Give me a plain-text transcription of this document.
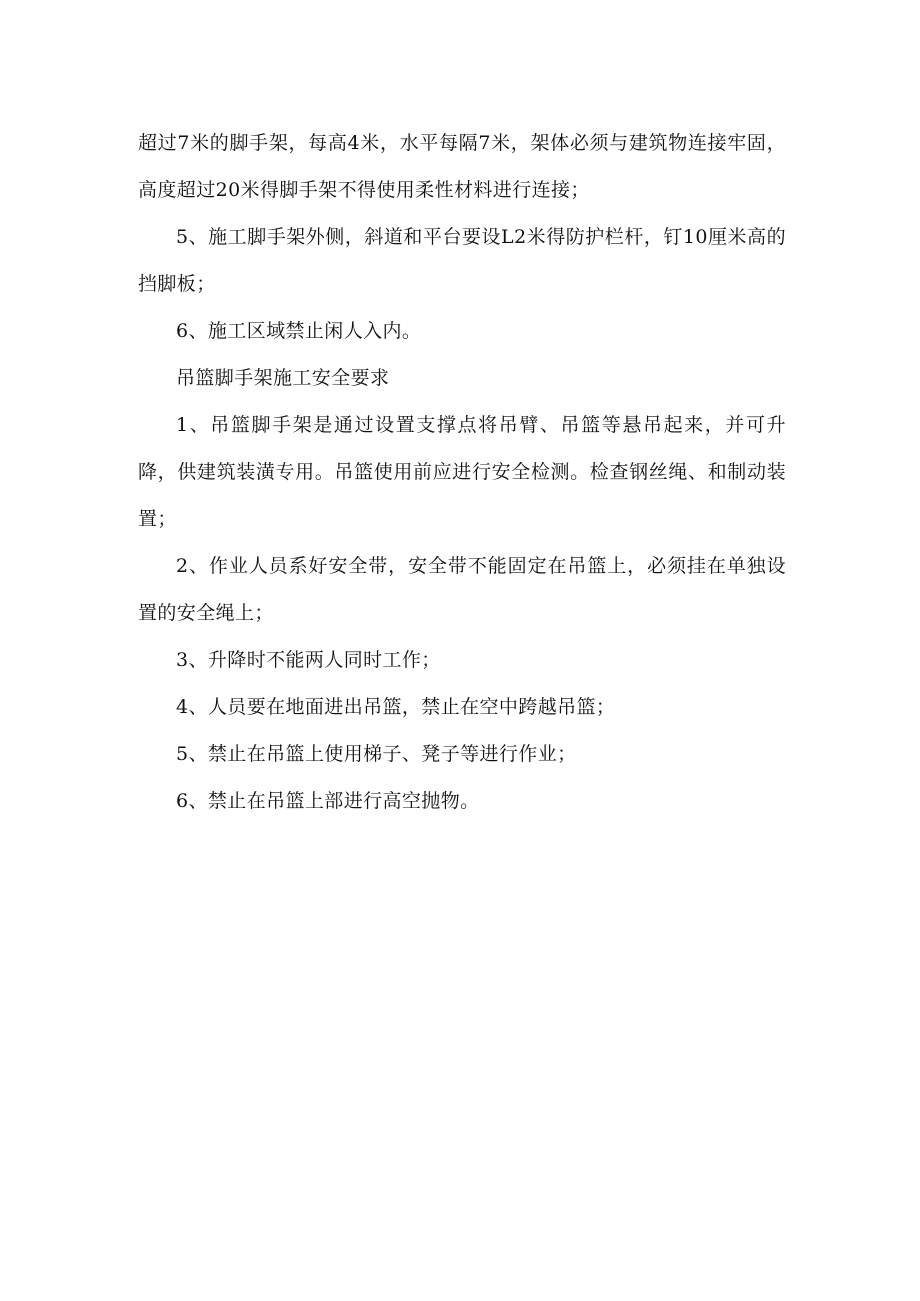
超过7米的脚手架，每高4米，水平每隔7米，架体必须与建筑物连接牢固，高度超过20米得脚手架不得使用柔性材料进行连接；

5、施工脚手架外侧，斜道和平台要设L2米得防护栏杆，钉10厘米高的挡脚板；

6、施工区域禁止闲人入内。

吊篮脚手架施工安全要求

1、吊篮脚手架是通过设置支撑点将吊臂、吊篮等悬吊起来，并可升降，供建筑装潢专用。吊篮使用前应进行安全检测。检查钢丝绳、和制动装置；

2、作业人员系好安全带，安全带不能固定在吊篮上，必须挂在单独设置的安全绳上；

3、升降时不能两人同时工作；

4、人员要在地面进出吊篮，禁止在空中跨越吊篮；

5、禁止在吊篮上使用梯子、凳子等进行作业；

6、禁止在吊篮上部进行高空抛物。
